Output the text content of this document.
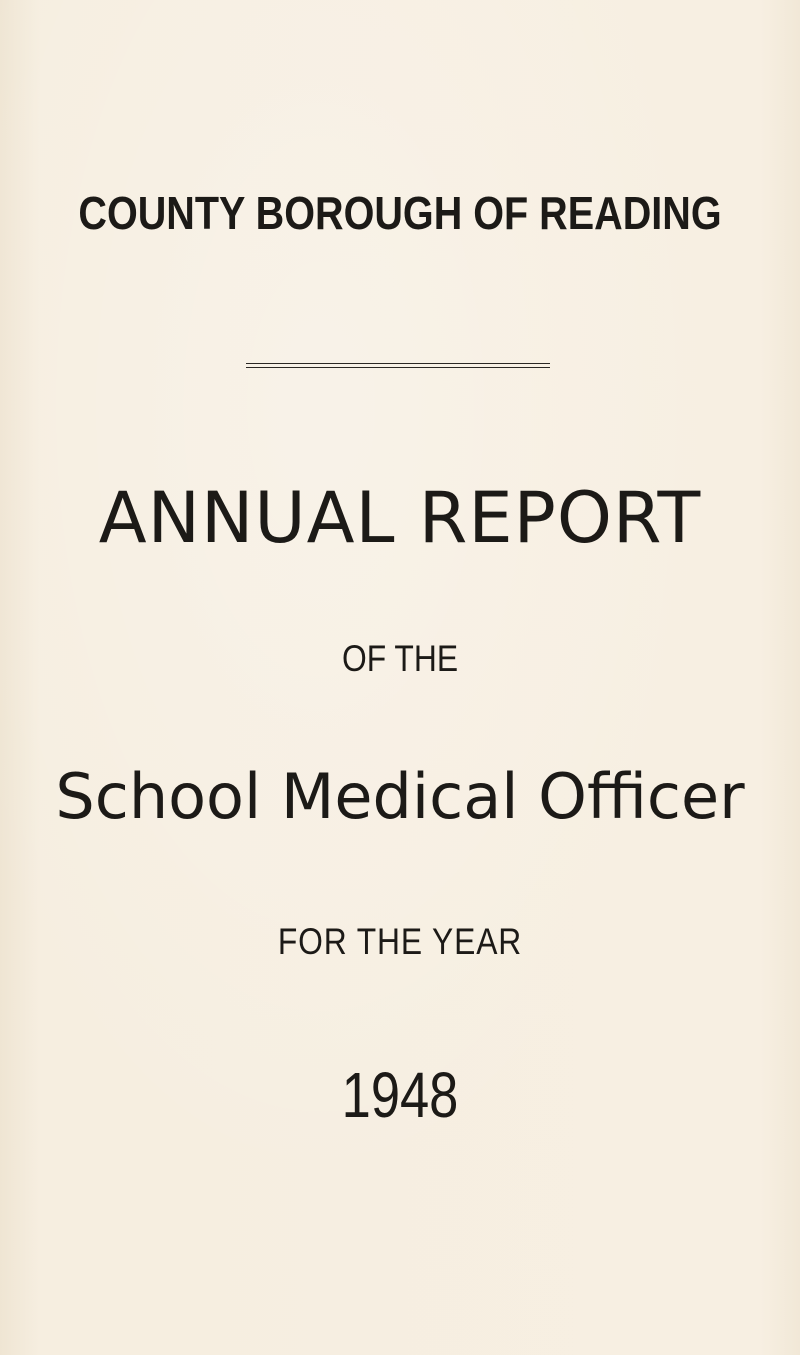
COUNTY BOROUGH OF READING
ANNUAL REPORT

OF THE

School Medical Officer

FOR THE YEAR

1948
